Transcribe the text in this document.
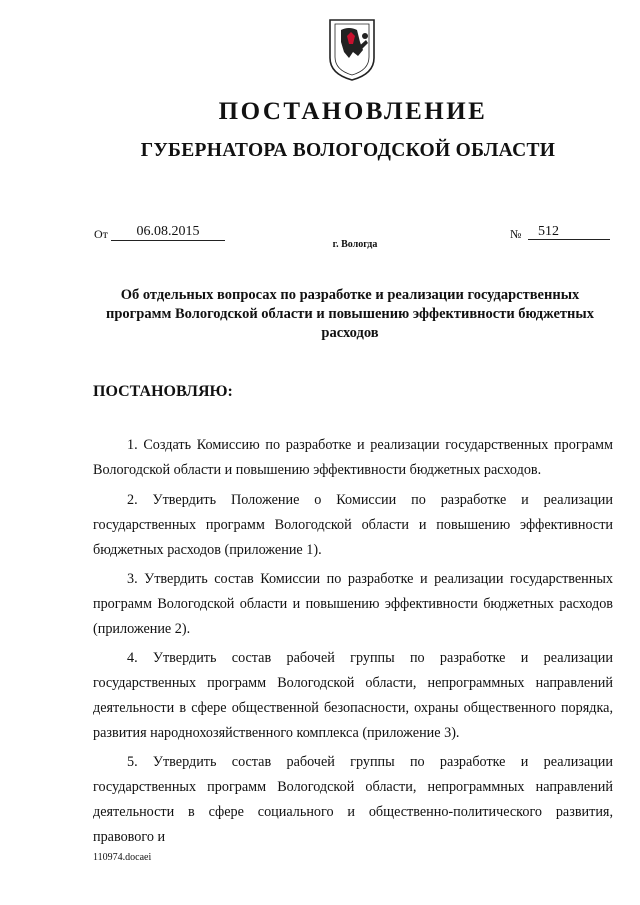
ПОСТАНОВЛЕНИЕ
ГУБЕРНАТОРА ВОЛОГОДСКОЙ ОБЛАСТИ
От	06.08.2015	№	512
г. Вологда

Об отдельных вопросах по разработке и реализации государственных программ Вологодской области и повышению эффективности бюджетных расходов

ПОСТАНОВЛЯЮ:

1. Создать Комиссию по разработке и реализации государственных программ Вологодской области и повышению эффективности бюджетных расходов.

2. Утвердить Положение о Комиссии по разработке и реализации государственных программ Вологодской области и повышению эффективности бюджетных расходов (приложение 1).

3. Утвердить состав Комиссии по разработке и реализации государственных программ Вологодской области и повышению эффективности бюджетных расходов (приложение 2).

4. Утвердить состав рабочей группы по разработке и реализации государственных программ Вологодской области, непрограммных направлений деятельности в сфере общественной безопасности, охраны общественного порядка, развития народнохозяйственного комплекса (приложение 3).

5. Утвердить состав рабочей группы по разработке и реализации государственных программ Вологодской области, непрограммных направлений деятельности в сфере социального и общественно-политического развития, правового и

110974.docaei
